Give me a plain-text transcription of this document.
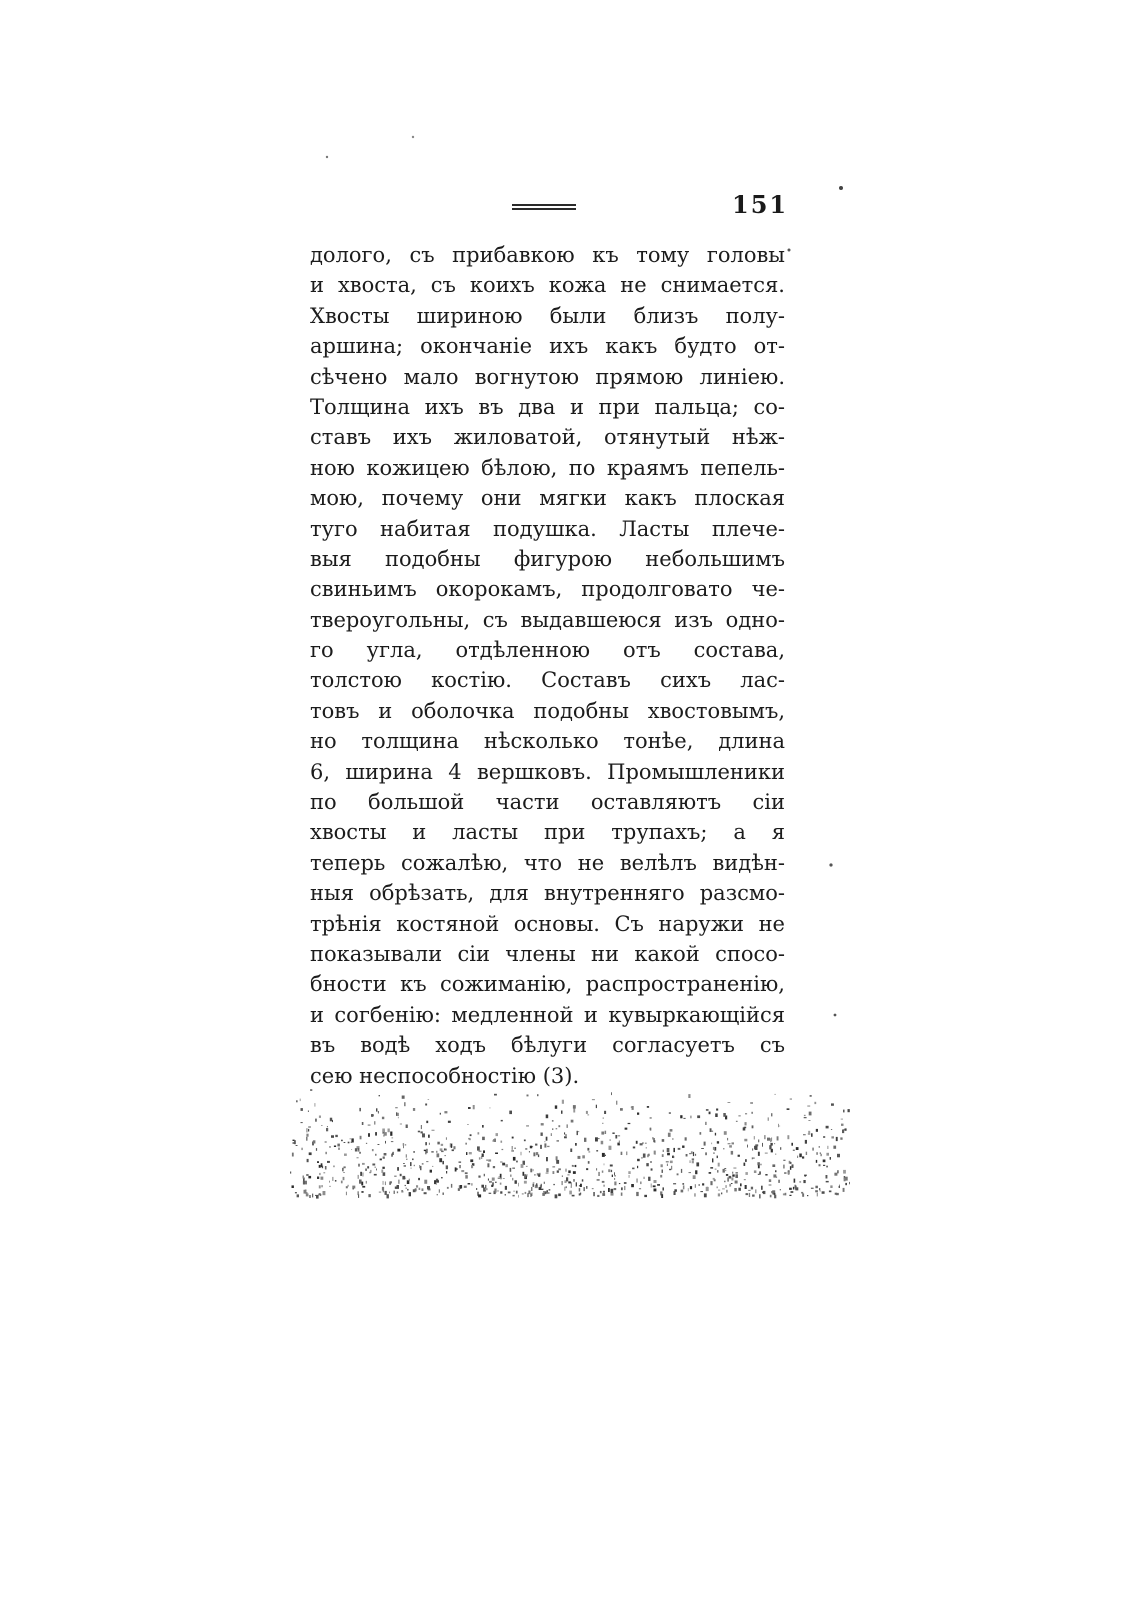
151
долого, съ прибавкою къ тому головы
и хвоста, съ коихъ кожа не снимается.
Хвосты шириною были близъ полу-
аршина; окончаніе ихъ какъ будто от-
сѣчено мало вогнутою прямою линіею.
Толщина ихъ въ два и при пальца; со-
ставъ ихъ жиловатой, отянутый нѣж-
ною кожицею бѣлою, по краямъ пепель-
мою, почему они мягки какъ плоская
туго набитая подушка. Ласты плече-
выя подобны фигурою небольшимъ
свиньимъ окорокамъ, продолговато че-
твероугольны, съ выдавшеюся изъ одно-
го угла, отдѣленною отъ состава,
толстою костію. Составъ сихъ лас-
товъ и оболочка подобны хвостовымъ,
но толщина нѣсколько тонѣе, длина
6, ширина 4 вершковъ. Промышленики
по большой части оставляютъ сіи
хвосты и ласты при трупахъ; а я
теперь сожалѣю, что не велѣлъ видѣн-
ныя обрѣзать, для внутренняго разсмо-
трѣнія костяной основы. Съ наружи не
показывали сіи члены ни какой спосо-
бности къ сожиманію, распространенію,
и согбенію: медленной и кувыркающійся
въ водѣ ходъ бѣлуги согласуетъ съ
сею неспособностію (3).
